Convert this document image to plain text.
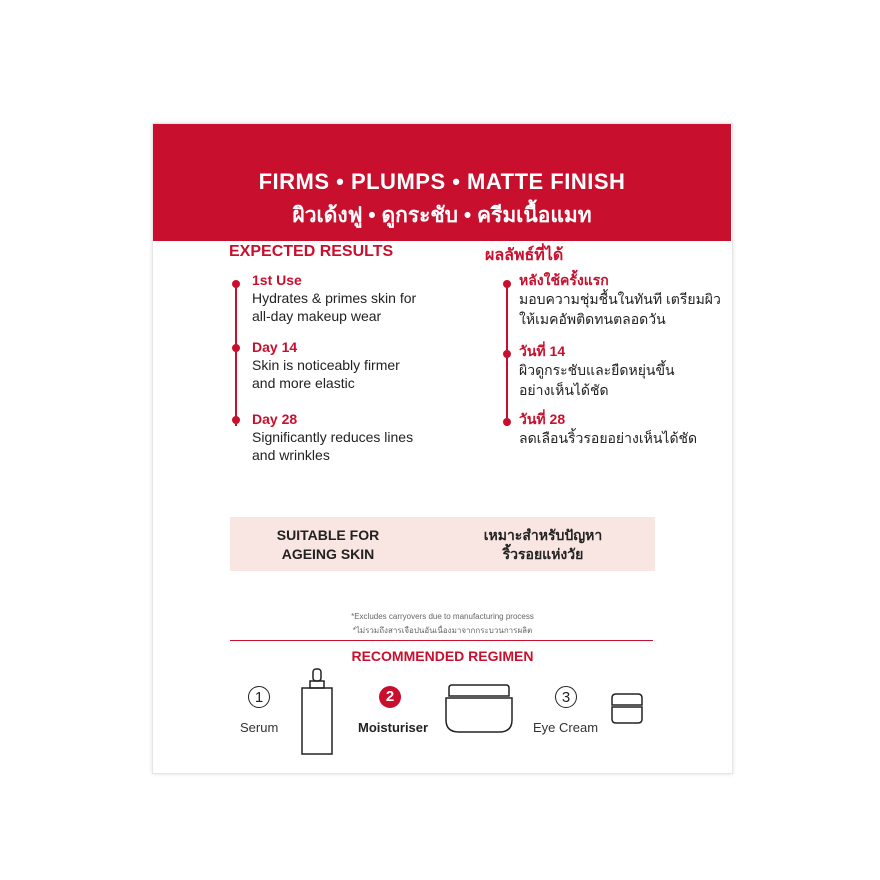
FIRMS • PLUMPS • MATTE FINISH
ผิวเด้งฟู • ดูกระชับ • ครีมเนื้อแมท
EXPECTED RESULTS
1st Use
Hydrates & primes skin for
all-day makeup wear
Day 14
Skin is noticeably firmer
and more elastic
Day 28
Significantly reduces lines
and wrinkles
ผลลัพธ์ที่ได้
หลังใช้ครั้งแรก
มอบความชุ่มชื้นในทันที เตรียมผิว
ให้เมคอัพติดทนตลอดวัน
วันที่ 14
ผิวดูกระชับและยืดหยุ่นขึ้น
อย่างเห็นได้ชัด
วันที่ 28
ลดเลือนริ้วรอยอย่างเห็นได้ชัด
SUITABLE FOR
AGEING SKIN
เหมาะสำหรับปัญหา
ริ้วรอยแห่งวัย
*Excludes carryovers due to manufacturing process
*ไม่รวมถึงสารเจือปนอันเนื่องมาจากกระบวนการผลิต
RECOMMENDED REGIMEN
1
Serum
2
Moisturiser
3
Eye Cream
